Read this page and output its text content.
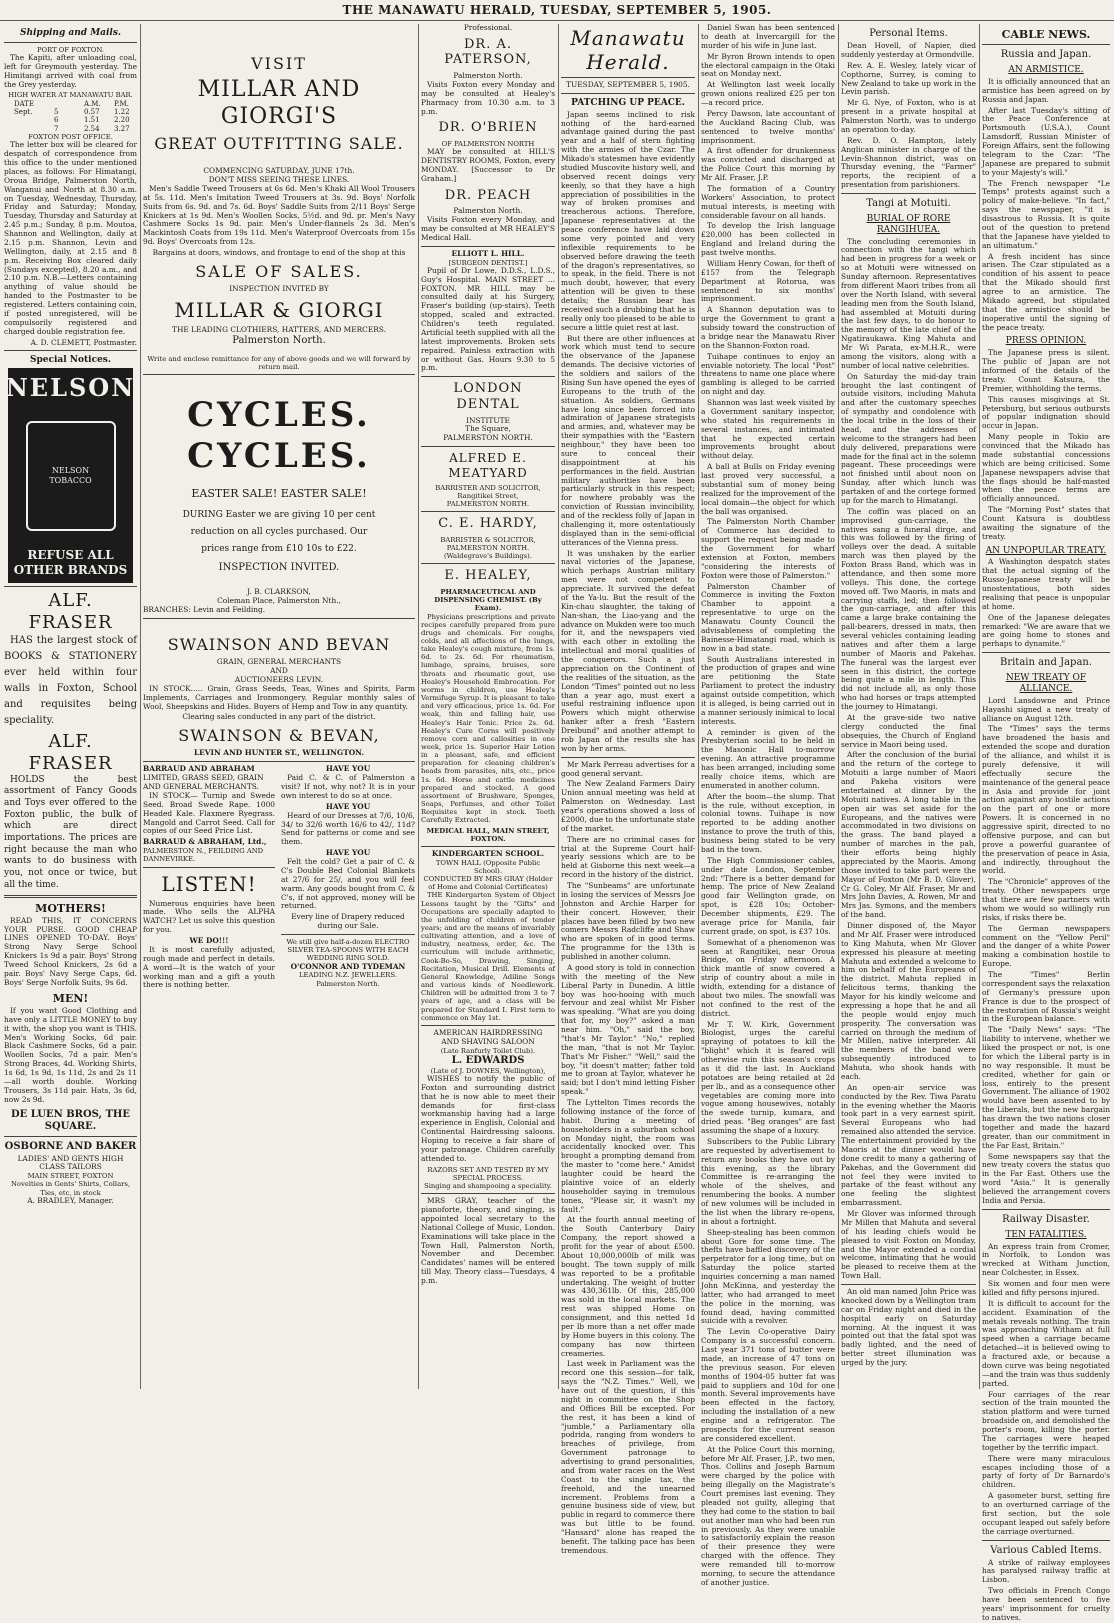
THE MANAWATU HERALD, TUESDAY, SEPTEMBER 5, 1905.
Shipping and Mails.
PORT OF FOXTON.

The Kapiti, after unloading coal, left for Greymouth yesterday. The Himitangi arrived with coal from the Grey yesterday.

HIGH WATER AT MANAWATU BAR.
DATE	A.M.	P.M.
Sept.	5	0.57	1.22
6	1.51	2.20
7	2.54	3.27
FOXTON POST OFFICE.

The letter box will be cleared for despatch of correspondence from this office to the under mentioned places, as follows: For Himatangi, Oroua Bridge, Palmerston North, Wanganui and North at 8.30 a.m. on Tuesday, Wednesday, Thursday, Friday and Saturday; Monday, Tuesday, Thursday and Saturday at 2.45 p.m.; Sunday, 8 p.m. Moutoa, Shannon and Wellington, daily at 2.15 p.m. Shannon, Levin and Wellington, daily, at 2.15 and 8 p.m. Receiving Box cleared daily (Sundays excepted), 8.20 a.m., and 2.10 p.m. N.B.—Letters containing anything of value should be handed to the Postmaster to be registered. Letters containing coin, if posted unregistered, will be compulsorily registered and charged double registration fee.

A. D. CLEMETT, Postmaster.
Special Notices.
NELSON
NELSON TOBACCO
REFUSE ALL OTHER BRANDS
ALF. FRASER

HAS the largest stock of BOOKS & STATIONERY ever held within four walls in Foxton, School and requisites being speciality.

ALF. FRASER

HOLDS the best assortment of Fancy Goods and Toys ever offered to the Foxton public, the bulk of which are direct importations. The prices are right because the man who wants to do business with you, not once or twice, but all the time.

MOTHERS!

READ THIS, IT CONCERNS YOUR PURSE. GOOD CHEAP LINES OPENED TO-DAY. Boys' Strong Navy Serge School Knickers 1s 9d a pair. Boys' Strong Tweed School Knickers, 2s 6d a pair. Boys' Navy Serge Caps, 6d. Boys' Serge Norfolk Suits, 9s 6d.

MEN!

If you want Good Clothing and have only a LITTLE MONEY to buy it with, the shop you want is THIS. Men's Working Socks, 6d pair. Black Cashmere Socks, 6d a pair. Woollen Socks, 7d a pair. Men's Strong Braces, 4d. Working Shirts, 1s 6d, 1s 9d, 1s 11d, 2s and 2s 11—all worth double. Working Trousers, 3s 11d pair. Hats, 3s 6d, now 2s 9d.

DE LUEN BROS, THE SQUARE.
OSBORNE AND BAKER
LADIES' AND GENTS HIGH CLASS TAILORS
MAIN STREET, FOXTON
Novelties in Gents' Shirts, Collars, Ties, etc, in stock
A. BRADLEY, Manager.
VISIT
MILLAR AND GIORGI'S
GREAT OUTFITTING SALE.
COMMENCING SATURDAY, JUNE 17th.
DON'T MISS SEEING THESE LINES.

Men's Saddle Tweed Trousers at 6s 6d. Men's Khaki All Wool Trousers at 5s. 11d. Men's Imitation Tweed Trousers at 3s. 9d. Boys' Norfolk Suits from 6s. 9d. and 7s. 6d. Boys' Saddle Suits from 2/11 Boys' Serge Knickers at 1s 9d. Men's Woollen Socks, 5½d. and 9d. pr. Men's Navy Cashmere Socks 1s 9d. pair. Men's Under-flannels 2s 3d. Men's Mackintosh Coats from 19s 11d. Men's Waterproof Overcoats from 15s 9d. Boys' Overcoats from 12s.

Bargains at doors, windows, and frontage to end of the shop at this
SALE OF SALES.
INSPECTION INVITED BY
MILLAR & GIORGI
THE LEADING CLOTHIERS, HATTERS, AND MERCERS.
Palmerston North.
Write and enclose remittance for any of above goods and we will forward by return mail.
CYCLES. CYCLES.
EASTER SALE! EASTER SALE!
DURING Easter we are giving 10 per cent
reduction on all cycles purchased. Our
prices range from £10 10s to £22.
INSPECTION INVITED.
J. B. CLARKSON,
Coleman Place, Palmerston Nth.,
BRANCHES: Levin and Feilding.
SWAINSON AND BEVAN
GRAIN, GENERAL MERCHANTS
AND
AUCTIONEERS LEVIN.

IN STOCK..... Grain, Grass Seeds, Teas, Wines and Spirits, Farm Implements, Carriages and Ironmongery. Regular monthly sales of Wool, Sheepskins and Hides. Buyers of Hemp and Tow in any quantity.

Clearing sales conducted in any part of the district.
SWAINSON & BEVAN,
LEVIN AND HUNTER ST., WELLINGTON.
BARRAUD AND ABRAHAM
LIMITED, GRASS SEED, GRAIN AND GENERAL MERCHANTS.

IN STOCK— Turnip and Swede Seed. Broad Swede Rape. 1000 Headed Kale. Flaxmere Ryegrass. Mangold and Carrot Seed. Call for copies of our Seed Price List.

BARRAUD & ABRAHAM, Ltd.,
PALMERSTON N., FEILDING AND DANNEVIRKE.
LISTEN!

Numerous enquiries have been made. Who sells the ALPHA WATCH? Let us solve this question for you.

WE DO!!!

It is most carefully adjusted, rough made and perfect in details. A word—It is the watch of your working man and a gift a youth there is nothing better.

HAVE YOU

Paid C. & C. of Palmerston a visit? If not, why not? It is in your own interest to do so at once.

HAVE YOU

Heard of our Dresses at 7/6, 10/6, 34/ to 32/6 worth 16/6 to 42/, 11d? Send for patterns or come and see them.

HAVE YOU

Felt the cold? Get a pair of C. & C's Double Bed Colonial Blankets at 27/6 for 25/, and you will feel warm. Any goods bought from C. & C's, if not approved, money will be returned.

Every line of Drapery reduced during our Sale.
We still give half-a-dozen ELECTRO SILVER TEA-SPOONS WITH EACH WEDDING RING SOLD.
O'CONNOR AND TYDEMAN
LEADING N.Z. JEWELLERS.
Palmerston North.
Professional.
DR. A. PATERSON,
Palmerston North.

Visits Foxton every Monday and may be consulted at Healey's Pharmacy from 10.30 a.m. to 3 p.m.

DR. O'BRIEN
OF PALMERSTON NORTH

MAY be consulted at HILL'S DENTISTRY ROOMS, Foxton, every MONDAY. [Successor to Dr Graham.]

DR. PEACH
Palmerston North.

Visits Foxton every Monday, and may be consulted at MR HEALEY'S Medical Hall.

ELLIOTT L. HILL.
[SURGEON DENTIST.]

Pupil of Dr Lowe, D.D.S., L.D.S., Guy's Hospital. MAIN STREET ... FOXTON. MR HILL may be consulted daily at his Surgery, Fraser's building (up-stairs). Teeth stopped, scaled and extracted. Children's teeth regulated. Artificial teeth supplied with all the latest improvements. Broken sets repaired. Painless extraction with or without Gas. Hours 9.30 to 5 p.m.

LONDON DENTAL
INSTITUTE
The Square,
PALMERSTON NORTH.
ALFRED E. MEATYARD
BARRISTER AND SOLICITOR,
Rangitikei Street,
PALMERSTON NORTH.
C. E. HARDY,
BARRISTER & SOLICITOR,
PALMERSTON NORTH.
(Waldegrave's Buildings).
E. HEALEY,
PHARMACEUTICAL AND DISPENSING CHEMIST. (By Exam).

Physicians prescriptions and private recipes carefully prepared from pure drugs and chemicals. For coughs, colds, and all affections of the lungs, take Healey's cough mixture, from 1s. 6d. to 2s. 6d. For rheumatism, lumbago, sprains, bruises, sore throats and rheumatic gout, use Healey's Household Embrocation. For worms in children, use Healey's Vermifuge Syrup. It is pleasant to take and very efficacious, price 1s. 6d. For weak, thin and falling hair, use Healey's Hair Tonic. Price 2s. 6d. Healey's Cure Corns will positively remove corn and callosities in one week, price 1s. Superior Hair Lotion in a pleasant, safe, and efficient preparation for cleaning children's heads from parasites, nits, etc., price 1s. 6d. Horse and cattle medicines prepared and stocked. A good assortment of Brushware, Sponges, Soaps, Perfumes, and other Toilet Requisites kept in stock. Teeth Carefully Extracted.

MEDICAL HALL, MAIN STREET, FOXTON.
KINDERGARTEN SCHOOL.
TOWN HALL (Opposite Public School).
CONDUCTED BY MRS GRAY (Holder of Home and Colonial Certificates)

THE Kindergarten System of Object Lessons taught by the "Gifts" and Occupations are specially adapted to the unfolding of children of tender years; and are the means of invariably cultivating attention, and a love of industry, neatness, order, &c. The curriculum will include arithmetic, Cook-Bo-So, Drawing, Singing, Recitation, Musical Drill. Elements of General Knowledge, Adiline Songs and various kinds of Needlework. Children will be admitted from 3 to 7 years of age, and a class will be prepared for Standard I. First term to commence on May 1st.

AMERICAN HAIRDRESSING
AND SHAVING SALOON
(Late Ranfurly Toilet Club).
L. EDWARDS
(Late of J. DOWNES, Wellington),

WISHES to notify the public of Foxton and surrounding district that he is now able to meet their demands for first-class workmanship having had a large experience in English, Colonial and Continental Hairdressing saloons. Hoping to receive a fair share of your patronage. Children carefully attended to.

RAZORS SET AND TESTED BY MY SPECIAL PROCESS.
Singing and shampooing a speciality.

MRS GRAY, teacher of the pianoforte, theory, and singing, is appointed local secretary to the National College of Music, London. Examinations will take place in the Town Hall, Palmerston North, November and December. Candidates' names will be entered till May. Theory class—Tuesdays, 4 p.m.

Manawatu Herald.
TUESDAY, SEPTEMBER 5, 1905.
PATCHING UP PEACE.

Japan seems inclined to risk nothing of the hard-earned advantage gained during the past year and a half of stern fighting with the armies of the Czar. The Mikado's statesmen have evidently studied Muscovite history well, and observed recent doings very keenly, so that they have a high appreciation of possibilities in the way of broken promises and treacherous actions. Therefore, Japanese representatives at the peace conference have laid down some very pointed and very inflexible requirements to be observed before drawing the teeth of the dragon's representatives, so to speak, in the field. There is not much doubt, however, that every attention will be given to these details; the Russian bear has received such a drubbing that he is really only too pleased to be able to secure a little quiet rest at last.

But there are other influences at work which must tend to secure the observance of the Japanese demands. The decisive victories of the soldiers and sailors of the Rising Sun have opened the eyes of Europeans to the truth of the situation. As soldiers, Germans have long since been forced into admiration of Japanese strategists and armies, and, whatever may be their sympathies with the "Eastern neighbour," they have been too sure to conceal their disappointment at his performances in the field. Austrian military authorities have been particularly struck in this respect; for nowhere probably was the conviction of Russian invincibility, and of the reckless folly of Japan in challenging it, more ostentatiously displayed than in the semi-official utterances of the Vienna press.

It was unshaken by the earlier naval victories of the Japanese, which perhaps Austrian military men were not competent to appreciate. It survived the defeat of the Ya-lu. But the result of the Kin-chau slaughter, the taking of Nan-shan, the Liao-yang and the advance on Mukden were too much for it, and the newspapers vied with each other in extolling the intellectual and moral qualities of the conquerors. Such a just appreciation on the Continent of the realities of the situation, as the London "Times" pointed out no less than a year ago, must exert a useful restraining influence upon Powers which might otherwise hanker after a fresh "Eastern Dreibund" and another attempt to rob Japan of the results she has won by her arms.

Mr Mark Perreau advertises for a good general servant.

The New Zealand Farmers Dairy Union annual meeting was held at Palmerston on Wednesday. Last year's operations showed a loss of £2000, due to the unfortunate state of the market.

There are no criminal cases for trial at the Supreme Court half-yearly sessions which are to be held at Gisborne this next week—a record in the history of the district.

The "Sunbeams" are unfortunate in losing the services of Messrs Joe Johnston and Archie Harper for their concert. However, their places have been filled by two new comers Messrs Radcliffe and Shaw who are spoken of in good terms. The programme for the 13th is published in another column.

A good story is told in connection with the meeting of the New Liberal Party in Dunedin. A little boy was hoo-hooing with much fervour and zeal whilst Mr Fisher was speaking. "What are you doing that for, my boy?" asked a man near him. "Oh," said the boy, "that's Mr Taylor." "No," replied the man, "that is not Mr Taylor. That's Mr Fisher." "Well," said the boy, "it doesn't matter; father told me to groan at Taylor, whatever he said; but I don't mind letting Fisher speak."

The Lyttelton Times records the following instance of the force of habit. During a meeting of householders in a suburban school on Monday night, the room was accidentally knocked over. This brought a prompting demand from the master to "come here." Amidst laughter could be heard the plaintive voice of an elderly householder saying in tremulous tones, "Please sir, it wasn't my fault."

At the fourth annual meeting of the South Canterbury Dairy Company, the report showed a profit for the year of about £500. About 10,000,000lb of milk was bought. The town supply of milk was reported to be a profitable undertaking. The weight of butter was 430,361lb. Of this, 285,000 was sold in the local markets. The rest was shipped Home on consignment, and this netted 1d per lb more than a net offer made by Home buyers in this colony. The company has now thirteen creameries.

Last week in Parliament was the record one this session—for talk, says the "N.Z. Times." Well, we have out of the question, if this night in committee on the Shop and Offices Bill be excepted. For the rest, it has been a kind of "jumble," a Parliamentary olla podrida, ranging from wonders to breaches of privilege, from Government patronage to advertising to grand personalities, and from water races on the West Coast to the single tax, the freehold, and the unearned increment. Problems from a genuine business side of view, but public in regard to commerce there was but little to be found. "Hansard" alone has reaped the benefit. The talking pace has been tremendous.

Daniel Swan has been sentenced to death at Invercargill for the murder of his wife in June last.

Mr Byron Brown intends to open the electoral campaign in the Otaki seat on Monday next.

At Wellington last week locally grown onions realized £25 per ton—a record price.

Percy Dawson, late accountant of the Auckland Racing Club, was sentenced to twelve months' imprisonment.

A first offender for drunkenness was convicted and discharged at the Police Court this morning by Mr Alf. Fraser, J.P.

The formation of a Country Workers' Association, to protect mutual interests, is meeting with considerable favour on all hands.

To develop the Irish language £20,000 has been collected in England and Ireland during the past twelve months.

William Henry Cowan, for theft of £157 from the Telegraph Department at Rotorua, was sentenced to six months' imprisonment.

A Shannon deputation was to urge the Government to grant a subsidy toward the construction of a bridge near the Manawatu River on the Shannon-Foxton road.

Tuihape continues to enjoy an enviable notoriety. The local "Post" threatens to name one place where gambling is alleged to be carried on night and day.

Shannon was last week visited by a Government sanitary inspector, who stated his requirements in several instances, and intimated that he expected certain improvements brought about without delay.

A ball at Bulls on Friday evening last proved very successful, a substantial sum of money being realized for the improvement of the local domain—the object for which the ball was organised.

The Palmerston North Chamber of Commerce has decided to support the request being made to the Government for wharf extension at Foxton, members "considering the interests of Foxton were those of Palmerston."

Palmerston Chamber of Commerce is inviting the Foxton Chamber to appoint a representative to urge on the Manawatu County Council the advisableness of completing the Bainesse-Himatangi road, which is now in a bad state.

South Australians interested in the production of grapes and wine are petitioning the State Parliament to protect the industry against outside competition, which it is alleged, is being carried out in a manner seriously inimical to local interests.

A reminder is given of the Presbyterian social to be held in the Masonic Hall to-morrow evening. An attractive programme has been arranged, including some really choice items, which are enumerated in another column.

After the boom—the slump. That is the rule, without exception, in colonial towns. Tuihape is now reported to be adding another instance to prove the truth of this, business being stated to be very bad in the town.

The High Commissioner cables, under date London, September 2nd: "There is a better demand for hemp. The price of New Zealand good fair Wellington grade, on spot, is £28 10s; October-December shipments, £29. The average price for Manila, fair current grade, on spot, is £37 10s.

Somewhat of a phenomenon was seen at Rangitikei, near Oroua Bridge, on Friday afternoon. A thick mantle of snow covered a strip of country about a mile in width, extending for a distance of about two miles. The snowfall was not confined to the rest of the district.

Mr T. W. Kirk, Government Biologist, urges the careful spraying of potatoes to kill the "blight" which it is feared will otherwise ruin this season's crops as it did the last. In Auckland potatoes are being retailed at 2d per lb., and as a consequence other vegetables are coming more into vogue among housewives, notably the swede turnip, kumara, and dried peas. "Beg oranges" are fast assuming the shape of a luxury.

Subscribers to the Public Library are requested by advertisement to return any books they have out by this evening, as the library Committee is re-arranging the whole of the shelves, and renumbering the books. A number of new volumes will be included in the list when the library re-opens, in about a fortnight.

Sheep-stealing has been common about Gore for some time. The thefts have baffled discovery of the perpetrator for a long time, but on Saturday the police started inquiries concerning a man named John McKinna, and yesterday the latter, who had arranged to meet the police in the morning, was found dead, having committed suicide with a revolver.

The Levin Co-operative Dairy Company is a successful concern. Last year 371 tons of butter were made, an increase of 47 tons on the previous season. For eleven months of 1904-05 butter fat was paid to suppliers and 10d for one month. Several improvements have been effected in the factory, including the installation of a new engine and a refrigerator. The prospects for the current season are considered excellent.

At the Police Court this morning, before Mr Alf. Fraser, J.P., two men, Thos. Collins and Joseph Barnum were charged by the police with being illegally on the Magistrate's Court premises last evening. They pleaded not guilty, alleging that they had come to the station to bail out another man who had been run in previously. As they were unable to satisfactorily explain the reason of their presence they were charged with the offence. They were remanded till to-morrow morning, to secure the attendance of another justice.

Personal Items.

Dean Hovell, of Napier, died suddenly yesterday at Ormondville.

Rev. A. E. Wesley, lately vicar of Copthorne, Surrey, is coming to New Zealand to take up work in the Levin parish.

Mr G. Nye, of Foxton, who is at present in a private hospital at Palmerston North, was to undergo an operation to-day.

Rev. D. O. Hampton, lately Anglican minister in charge of the Levin-Shannon district, was on Thursday evening, the "Farmer" reports, the recipient of a presentation from parishioners.

Tangi at Motuiti.
BURIAL OF RORE RANGIHUEA.

The concluding ceremonies in connection with the tangi which had been in progress for a week or so at Motuiti were witnessed on Sunday afternoon. Representatives from different Maori tribes from all over the North Island, with several leading men from the South Island, had assembled at Motuiti during the last few days, to do honour to the memory of the late chief of the Ngatiraukawa. King Mahuta and Mr Wi Parata, ex-M.H.R., were among the visitors, along with a number of local native celebrities.

On Saturday the mid-day train brought the last contingent of outside visitors, including Mahuta and after the customary speeches of sympathy and condolence with the local tribe in the loss of their head, and the addresses of welcome to the strangers had been duly delivered, preparations were made for the final act in the solemn pageant. These proceedings were not finished until about noon on Sunday, after which lunch was partaken of and the cortege formed up for the march to Himatangi.

The coffin was placed on an improvised gun-carriage, the natives sang a funeral dirge, and this was followed by the firing of volleys over the dead. A suitable march was then played by the Foxton Brass Band, which was in attendance, and then some more volleys. This done, the cortege moved off. Two Maoris, in mats and carrying staffs, led; then followed the gun-carriage, and after this came a large brake containing the pall-bearers, dressed in mats, then several vehicles containing leading natives and after them a large number of Maoris and Pakehas. The funeral was the largest ever seen in this district, the cortege being quite a mile in length. This did not include all, as only those who had horses or traps attempted the journey to Himatangi.

At the grave-side two native clergy conducted the final obsequies, the Church of England service in Maori being used.

After the conclusion of the burial and the return of the cortege to Motuiti a large number of Maori and Pakeha visitors were entertained at dinner by the Motuiti natives. A long table in the open air was set aside for the Europeans, and the natives were accommodated in two divisions on the grass. The band played a number of marches in the pah, their efforts being highly appreciated by the Maoris. Among those invited to take part were the Mayor of Foxton (Mr B. D. Glover), Cr G. Coley, Mr Alf. Fraser, Mr and Mrs John Davies, A. Rowen, Mr and Mrs Jas. Symons, and the members of the band.

Dinner disposed of, the Mayor and Mr Alf. Fraser were introduced to King Mahuta, when Mr Glover expressed his pleasure at meeting Mahuta and extended a welcome to him on behalf of the Europeans of the district. Mahuta replied in felicitous terms, thanking the Mayor for his kindly welcome and expressing a hope that he and all the people would enjoy much prosperity. The conversation was carried on through the medium of Mr Millen, native interpreter. All the members of the band were subsequently introduced to Mahuta, who shook hands with each.

An open-air service was conducted by the Rev. Tiwa Paratu in the evening whether the Maoris took part in a very earnest spirit. Several Europeans who had remained also attended the service. The entertainment provided by the Maoris at the dinner would have done credit to many a gathering of Pakehas, and the Government did not feel they were invited to partake of the feast without any one feeling the slightest embarrassment.

Mr Glover was informed through Mr Millen that Mahuta and several of his leading chiefs would be pleased to visit Foxton on Monday, and the Mayor extended a cordial welcome, intimating that he would be pleased to receive them at the Town Hall.

An old man named John Price was knocked down by a Wellington tram car on Friday night and died in the hospital early on Saturday morning. At the inquest it was pointed out that the fatal spot was badly lighted, and the need of better street illumination was urged by the jury.

CABLE NEWS.
Russia and Japan.
AN ARMISTICE.

It is officially announced that an armistice has been agreed on by Russia and Japan.

After last Tuesday's sitting of the Peace Conference at Portsmouth (U.S.A.), Count Lamsdorff, Russian Minister of Foreign Affairs, sent the following telegram to the Czar: "The Japanese are prepared to submit to your Majesty's will."

The French newspaper "Le Temps" protests against such a policy of make-believe. "In fact," says the newspaper, "it is disastrous to Russia. It is quite out of the question to pretend that the Japanese have yielded to an ultimatum."

A fresh incident has since arisen. The Czar stipulated as a condition of his assent to peace that the Mikado should first agree to an armistice. The Mikado agreed, but stipulated that the armistice should be inoperative until the signing of the peace treaty.

PRESS OPINION.

The Japanese press is silent. The public of Japan are not informed of the details of the treaty. Count Katsura, the Premier, withholding the terms.

This causes misgivings at St. Petersburg, but serious outbursts of popular indignation should occur in Japan.

Many people in Tokio are convinced that the Mikado has made substantial concessions which are being criticised. Some Japanese newspapers advise that the flags should be half-masted when the peace terms are officially announced.

The "Morning Post" states that Count Katsura is doubtless awaiting the signature of the treaty.

AN UNPOPULAR TREATY.

A Washington despatch states that the actual signing of the Russo-Japanese treaty will be unostentatious, both sides realising that peace is unpopular at home.

One of the Japanese delegates remarked: "We are aware that we are going home to stones and perhaps to dynamite."

Britain and Japan.
NEW TREATY OF ALLIANCE.

Lord Lansdowne and Prince Hayashi signed a new treaty of alliance on August 12th.

The "Times" says the terms have broadened the basis and extended the scope and duration of the alliance, and whilst it is purely defensive, it will effectually secure the maintenance of the general peace in Asia and provide for joint action against any hostile actions on the part of one or more Powers. It is concerned in no aggressive spirit, directed to no offensive purpose, and can but prove a powerful guarantee of the preservation of peace in Asia, and indirectly, throughout the world.

The "Chronicle" approves of the treaty. Other newspapers urge that there are few partners with whom we would so willingly run risks, if risks there be.

The German newspapers comment on the "Yellow Peril" and the danger of a white Power making a combination hostile to Europe.

The "Times" Berlin correspondent says the relaxation of Germany's pressure upon France is due to the prospect of the restoration of Russia's weight in the European balance.

The "Daily News" says: "The liability to intervene, whether we liked the prospect or not, is one for which the Liberal party is in no way responsible. It must be credited, whether for gain or loss, entirely to the present Government. The alliance of 1902 would have been assented to by the Liberals, but the new bargain has drawn the two nations closer together and made the hazard greater, than our commitment in the Far East, Britain."

Some newspapers say that the new treaty covers the status quo in the Far East. Others use the word "Asia." It is generally believed the arrangement covers India and Persia.

Railway Disaster.
TEN FATALITIES.

An express train from Cromer, in Norfolk, to London was wrecked at Witham Junction, near Colchester, in Essex.

Six women and four men were killed and fifty persons injured.

It is difficult to account for the accident. Examination of the metals reveals nothing. The train was approaching Witham at full speed when a carriage became detached—it is believed owing to a fractured axle, or because a down curve was being negotiated—and the train was thus suddenly parted.

Four carriages of the rear section of the train mounted the station platform and were turned broadside on, and demolished the porter's room, killing the porter. The carriages were heaped together by the terrific impact.

There were many miraculous escapes including those of a party of forty of Dr Barnardo's children.

A gasometer burst, setting fire to an overturned carriage of the first section, but the sole occupant leaped out safely before the carriage overturned.

Various Cabled Items.

A strike of railway employees has paralysed railway traffic at Lisbon.

Two officials in French Congo have been sentenced to five years' imprisonment for cruelty to natives.
